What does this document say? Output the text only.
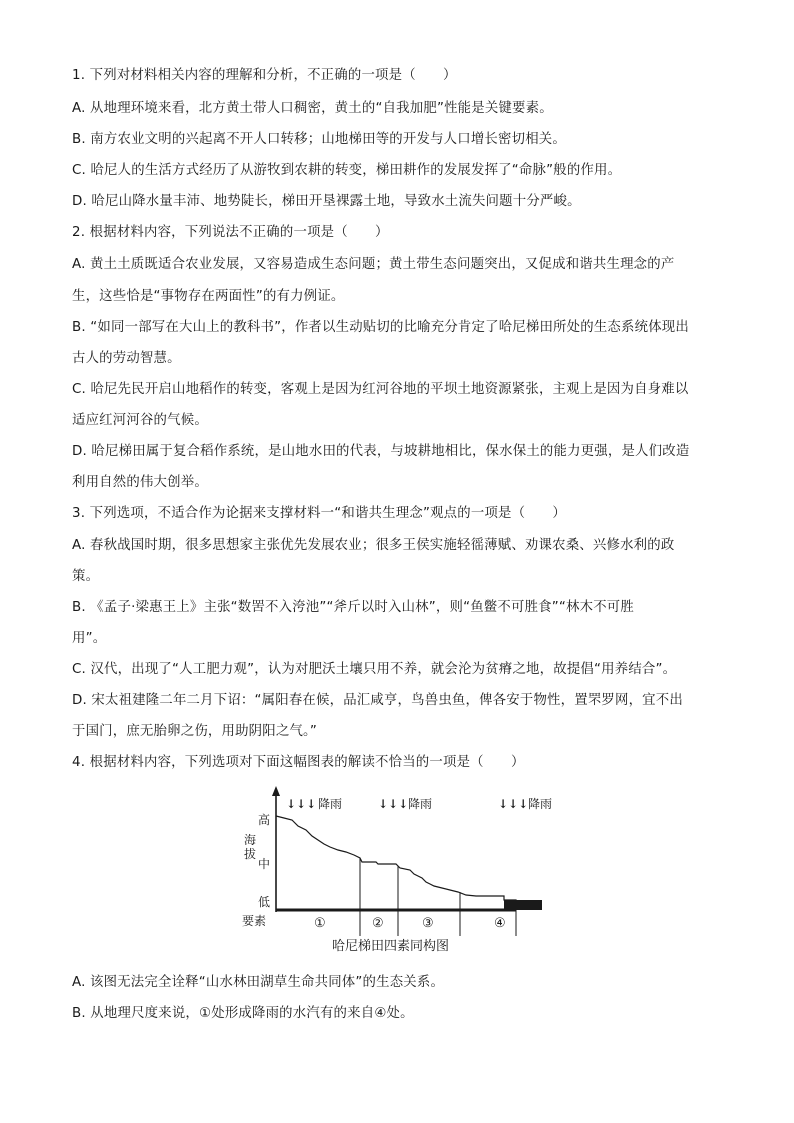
1. 下列对材料相关内容的理解和分析，不正确的一项是（　　）
A. 从地理环境来看，北方黄土带人口稠密，黄土的“自我加肥”性能是关键要素。
B. 南方农业文明的兴起离不开人口转移；山地梯田等的开发与人口增长密切相关。
C. 哈尼人的生活方式经历了从游牧到农耕的转变，梯田耕作的发展发挥了“命脉”般的作用。
D. 哈尼山降水量丰沛、地势陡长，梯田开垦裸露土地，导致水土流失问题十分严峻。
2. 根据材料内容，下列说法不正确的一项是（　　）
A. 黄土土质既适合农业发展，又容易造成生态问题；黄土带生态问题突出，又促成和谐共生理念的产
生，这些恰是“事物存在两面性”的有力例证。
B. “如同一部写在大山上的教科书”，作者以生动贴切的比喻充分肯定了哈尼梯田所处的生态系统体现出
古人的劳动智慧。
C. 哈尼先民开启山地稻作的转变，客观上是因为红河谷地的平坝土地资源紧张，主观上是因为自身难以
适应红河河谷的气候。
D. 哈尼梯田属于复合稻作系统，是山地水田的代表，与坡耕地相比，保水保土的能力更强，是人们改造
利用自然的伟大创举。
3. 下列选项，不适合作为论据来支撑材料一“和谐共生理念”观点的一项是（　　）
A. 春秋战国时期，很多思想家主张优先发展农业；很多王侯实施轻徭薄赋、劝课农桑、兴修水利的政
策。
B. 《孟子·梁惠王上》主张“数罟不入洿池”“斧斤以时入山林”，则“鱼鳖不可胜食”“林木不可胜
用”。
C. 汉代，出现了“人工肥力观”，认为对肥沃土壤只用不养，就会沦为贫瘠之地，故提倡“用养结合”。
D. 宋太祖建隆二年二月下诏：“属阳春在候，品汇咸亨，鸟兽虫鱼，俾各安于物性，置罘罗网，宜不出
于国门，庶无胎卵之伤，用助阴阳之气。”
4. 根据材料内容，下列选项对下面这幅图表的解读不恰当的一项是（　　）
海 拔
高
中
低
↓↓↓ 降雨	↓↓↓ 降雨	↓↓↓ 降雨
要素	①	②	③	④
哈尼梯田四素同构图
A. 该图无法完全诠释“山水林田湖草生命共同体”的生态关系。
B. 从地理尺度来说，①处形成降雨的水汽有的来自④处。
